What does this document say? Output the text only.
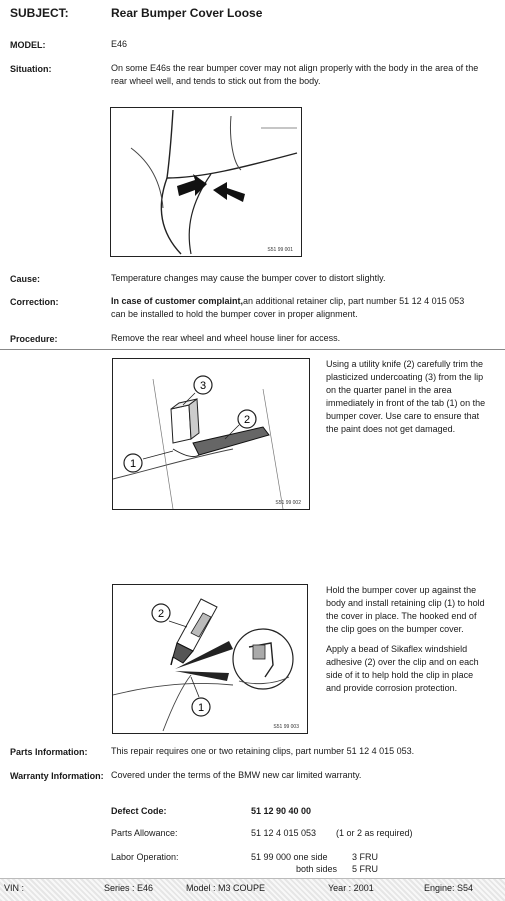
SUBJECT:	Rear Bumper Cover Loose
MODEL:	E46
Situation:	On some E46s the rear bumper cover may not align properly with the body in the area of the
rear wheel well, and tends to stick out from the body.
S51 99 001
Cause:	Temperature changes may cause the bumper cover to distort slightly.
Correction:	In case of customer complaint,an additional retainer clip, part number 51 12 4 015 053
can be installed to hold the bumper cover in proper alignment.
Procedure:	Remove the rear wheel and wheel house liner for access.
3
2
1
S51 99 002
Using a utility knife (2) carefully trim the
plasticized undercoating (3) from the lip
on the quarter panel in the area
immediately in front of the tab (1) on the
bumper cover. Use care to ensure that
the paint does not get damaged.
2
1
S51 99 003
Hold the bumper cover up against the
body and install retaining clip (1) to hold
the cover in place. The hooked end of
the clip goes on the bumper cover.
Apply a bead of Sikaflex windshield
adhesive (2) over the clip and on each
side of it to help hold the clip in place
and provide corrosion protection.
Parts Information:	This repair requires one or two retaining clips, part number 51 12 4 015 053.
Warranty Information: Covered under the terms of the BMW new car limited warranty.
Defect Code:	51 12 90 40 00
Parts Allowance:	51 12 4 015 053 (1 or 2 as required)
Labor Operation:	51 99 000 one side	3 FRU
both sides 5 FRU
VIN :	Series : E46	Model : M3 COUPE	Year : 2001	Engine: S54
